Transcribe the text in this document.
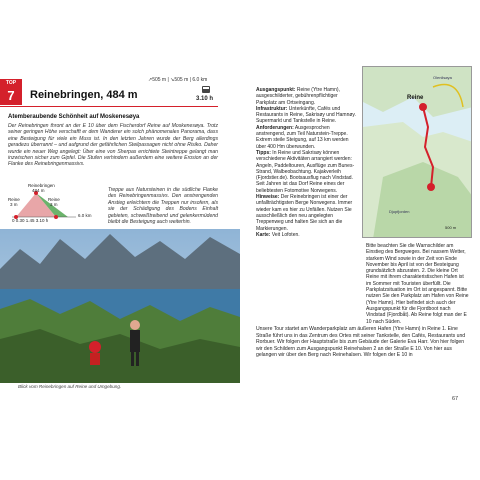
TOP
7
↗505 m | ↘505 m | 6.0 km
3.10 h
Reinebringen, 484 m
Atemberaubende Schönheit auf Moskenesøya
Der Reinebringen thront an der E 10 über dem Fischerdorf Reine auf Moskenesøya. Trotz seiner geringen Höhe verschafft er dem Wanderer ein solch phänomenales Panorama, dass eine Besteigung für viele ein Muss ist. In den letzten Jahren wurde der Berg allerdings geradezu überrannt – und aufgrund der gefährlichen Steilpassagen nicht ohne Risiko. Daher wurde ein neuer Weg angelegt: Über eine von Sherpas errichtete Steintreppe gelangt man inzwischen sicher zum Gipfel. Die Stufen verhindern außerdem eine weitere Erosion an der Flanke des Reinebringenmassivs.
Reinebringen
484 m
Reine
3 m
Reine
3 m
0 0.30 1.45 3.10 h
6.0 km
Treppe aus Natursteinen in die südliche Flanke des Reinebringenmassivs. Den anstrengenden Anstieg erleichtern die Treppen nur insofern, als sie der Schädigung des Bodens Einhalt gebieten, schweißtreibend und gelenkermüdend bleibt die Besteigung auch weiterhin.
Blick vom Reinebringen auf Reine und Umgebung.

Ausgangspunkt: Reine (Ytre Hamn), ausgeschilderter, gebührenpflichtiger Parkplatz am Ortseingang.

Infrastruktur: Unterkünfte, Cafés und Restaurants in Reine, Sakrisøy und Hamnøy. Supermarkt und Tankstelle in Reine.

Anforderungen: Ausgesprochen anstrengend, zum Teil Naturstein-Treppe. Extrem steile Steigung, auf 13 km werden über 400 Hm überwunden.

Tipps: In Reine und Sakrisøy können verschiedene Aktivitäten arrangiert werden: Angeln, Paddeltouren, Ausflüge zum Bunes-Strand, Walbeobachtung. Kajakverleih (Fjordstier.de). Bootsausflug nach Vindstad. Seit Jahren ist das Dorf Reine eines der beliebtesten Fotomotive Norwegens.

Hinweise: Der Reinebringen ist einer der unfallträchtigsten Berge Norwegens. Immer wieder kam es hier zu Unfällen. Nutzen Sie ausschließlich den neu angelegten Treppenweg und halten Sie sich an die Markierungen.

Karte: Veit Lofoten.

Reine
Olenilsøya
Djupfjorden
500 m
Bitte beachten Sie die Warnschilder am Einstieg des Bergweges. Bei nassem Wetter, starkem Wind sowie in der Zeit von Ende November bis April ist von der Besteigung grundsätzlich abzuraten. 2. Die kleine Ort Reine mit ihrem charakteristischen Hafen ist im Sommer mit Touristen überfüllt. Die Parkplatzsituation im Ort ist angespannt. Bitte nutzen Sie den Parkplatz am Hafen von Reine (Ytre Hamn). Hier befindet sich auch der Ausgangspunkt für die Fjordboot nach Vindstad (Fjordbåt). Ab Reine folgt man der E 10 nach Süden.
Unsere Tour startet am Wanderparkplatz am äußeren Hafen (Ytre Hamn) in Reine 1. Eine Straße führt uns in das Zentrum des Ortes mit seiner Tankstelle, den Cafés, Restaurants und Rorbuer. Wir folgen der Hauptstraße bis zum Gebäude der Galerie Eva Harr. Von hier folgen wir den Schildern zum Ausgangspunkt Reinehalsen 2 an der Straße E 10. Von hier aus gelangen wir über den Berg nach Reinehalsen. Wir folgen der E 10 in
67
